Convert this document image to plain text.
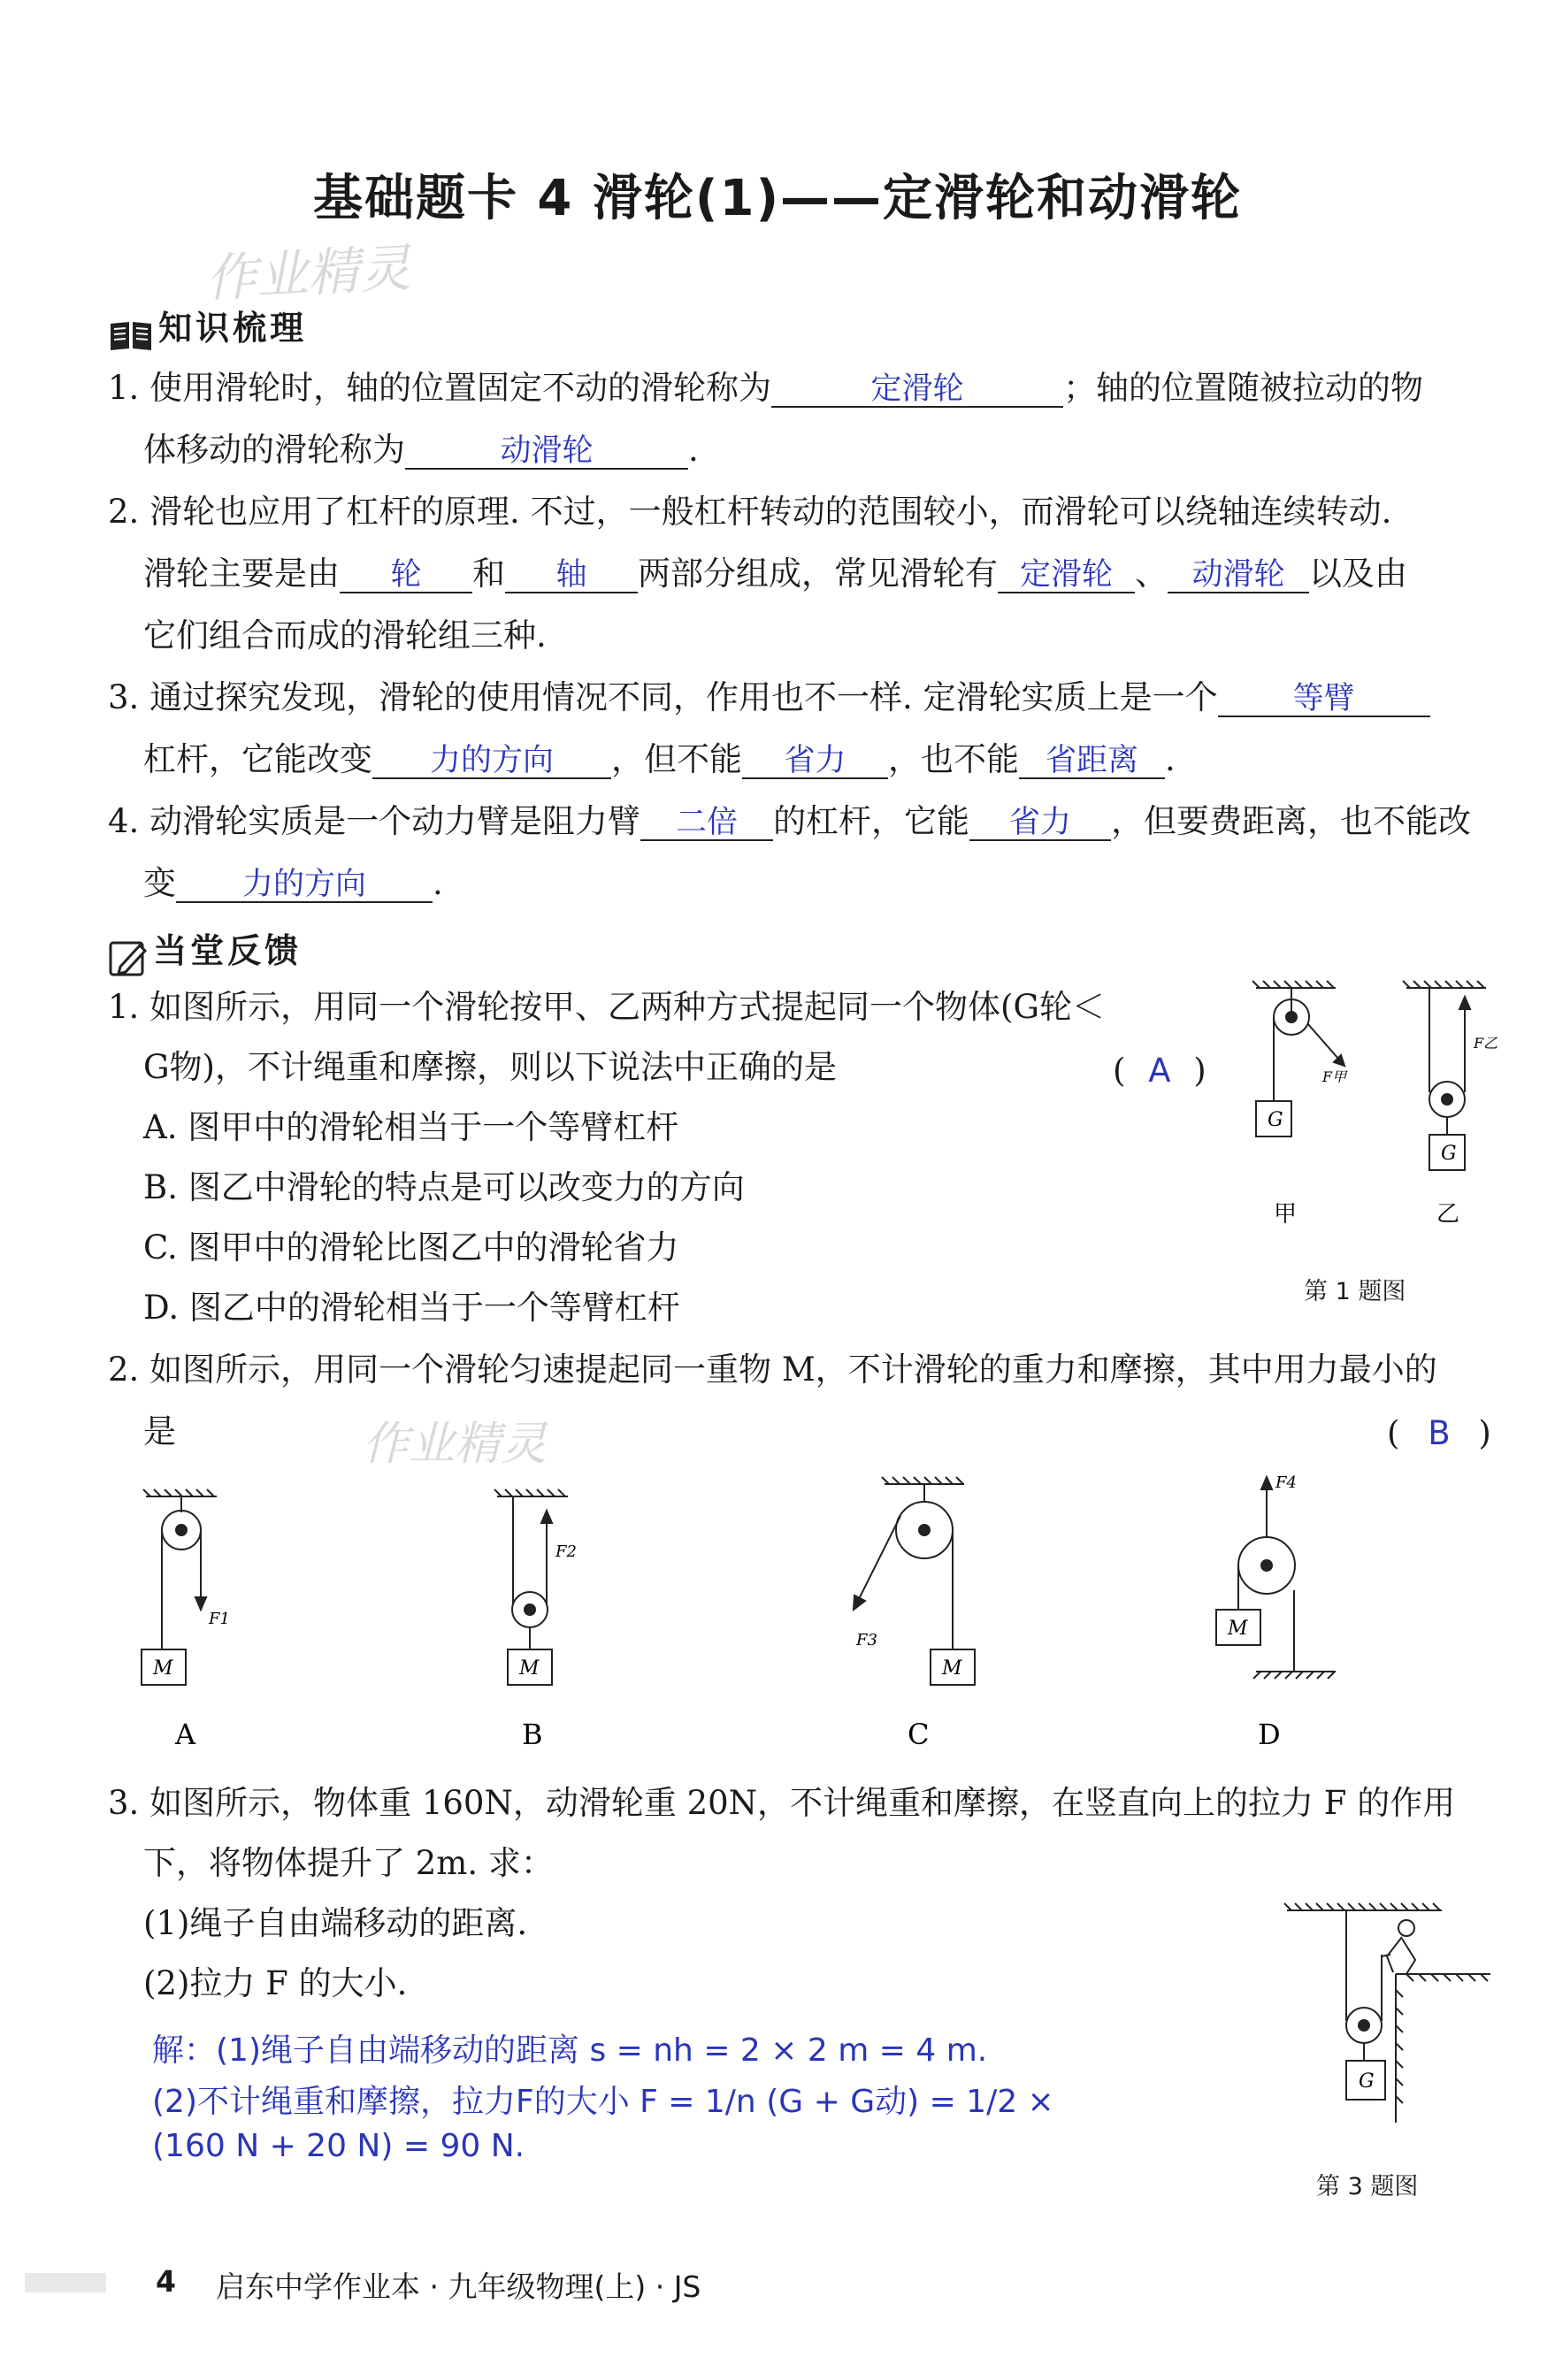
基础题卡 4 滑轮(1)——定滑轮和动滑轮
作业精灵
知识梳理
1. 使用滑轮时，轴的位置固定不动的滑轮称为	定滑轮	；轴的位置随被拉动的物
体移动的滑轮称为	动滑轮	.
2. 滑轮也应用了杠杆的原理. 不过，一般杠杆转动的范围较小，而滑轮可以绕轴连续转动.
滑轮主要是由 轮 和 轴 两部分组成，常见滑轮有 定滑轮 、 动滑轮 以及由
它们组合而成的滑轮组三种.
3. 通过探究发现，滑轮的使用情况不同，作用也不一样. 定滑轮实质上是一个 等臂
杠杆，它能改变 力的方向 ，但不能 省力 ，也不能 省距离 .
4. 动滑轮实质是一个动力臂是阻力臂 二倍 的杠杆，它能 省力 ，但要费距离，也不能改
变 力的方向 .
当堂反馈
1. 如图所示，用同一个滑轮按甲、乙两种方式提起同一个物体(G轮＜
G物)，不计绳重和摩擦，则以下说法中正确的是	( A )
A. 图甲中的滑轮相当于一个等臂杠杆
B. 图乙中滑轮的特点是可以改变力的方向
C. 图甲中的滑轮比图乙中的滑轮省力
D. 图乙中的滑轮相当于一个等臂杠杆
G
F甲
甲
G
F乙
乙
第 1 题图
2. 如图所示，用同一个滑轮匀速提起同一重物 M，不计滑轮的重力和摩擦，其中用力最小的
是	作业精灵	( B )
M
F1
A
M
F2
B
M
F3
C
M
F4
D
3. 如图所示，物体重 160N，动滑轮重 20N，不计绳重和摩擦，在竖直向上的拉力 F 的作用
下，将物体提升了 2m. 求：
(1)绳子自由端移动的距离.
(2)拉力 F 的大小.
解：(1)绳子自由端移动的距离 s = nh = 2 × 2 m = 4 m.
(2)不计绳重和摩擦，拉力F的大小 F = 1/n (G + G动) = 1/2 ×
(160 N + 20 N) = 90 N.
G
第 3 题图
4 启东中学作业本 · 九年级物理(上) · JS
